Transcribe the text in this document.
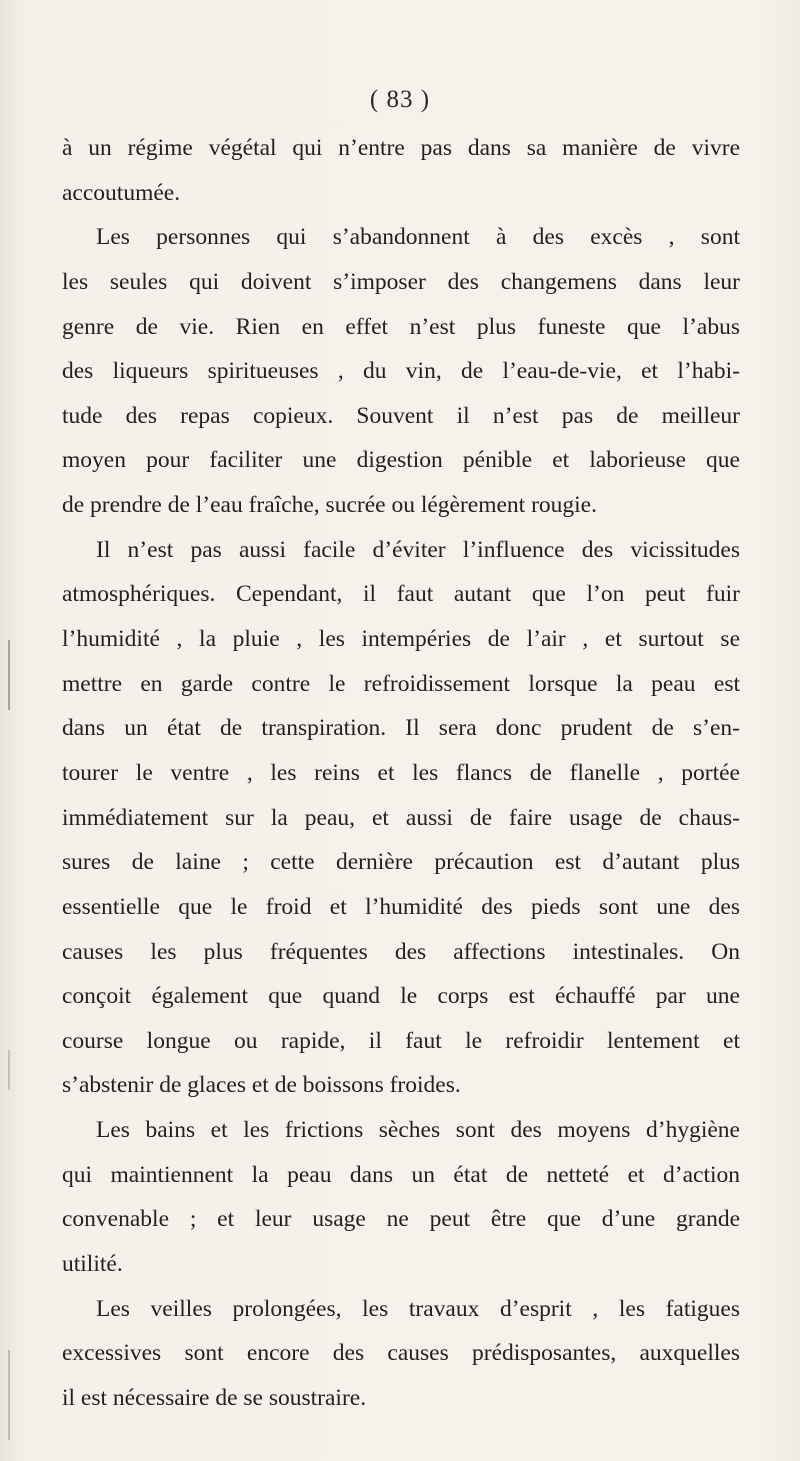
( 83 )
à un régime végétal qui n’entre pas dans sa manière de vivre
accoutumée.
Les personnes qui s’abandonnent à des excès , sont
les seules qui doivent s’imposer des changemens dans leur
genre de vie. Rien en effet n’est plus funeste que l’abus
des liqueurs spiritueuses , du vin, de l’eau-de-vie, et l’habi-
tude des repas copieux. Souvent il n’est pas de meilleur
moyen pour faciliter une digestion pénible et laborieuse que
de prendre de l’eau fraîche, sucrée ou légèrement rougie.
Il n’est pas aussi facile d’éviter l’influence des vicissitudes
atmosphériques. Cependant, il faut autant que l’on peut fuir
l’humidité , la pluie , les intempéries de l’air , et surtout se
mettre en garde contre le refroidissement lorsque la peau est
dans un état de transpiration. Il sera donc prudent de s’en-
tourer le ventre , les reins et les flancs de flanelle , portée
immédiatement sur la peau, et aussi de faire usage de chaus-
sures de laine ; cette dernière précaution est d’autant plus
essentielle que le froid et l’humidité des pieds sont une des
causes les plus fréquentes des affections intestinales. On
conçoit également que quand le corps est échauffé par une
course longue ou rapide, il faut le refroidir lentement et
s’abstenir de glaces et de boissons froides.
Les bains et les frictions sèches sont des moyens d’hygiène
qui maintiennent la peau dans un état de netteté et d’action
convenable ; et leur usage ne peut être que d’une grande
utilité.
Les veilles prolongées, les travaux d’esprit , les fatigues
excessives sont encore des causes prédisposantes, auxquelles
il est nécessaire de se soustraire.
